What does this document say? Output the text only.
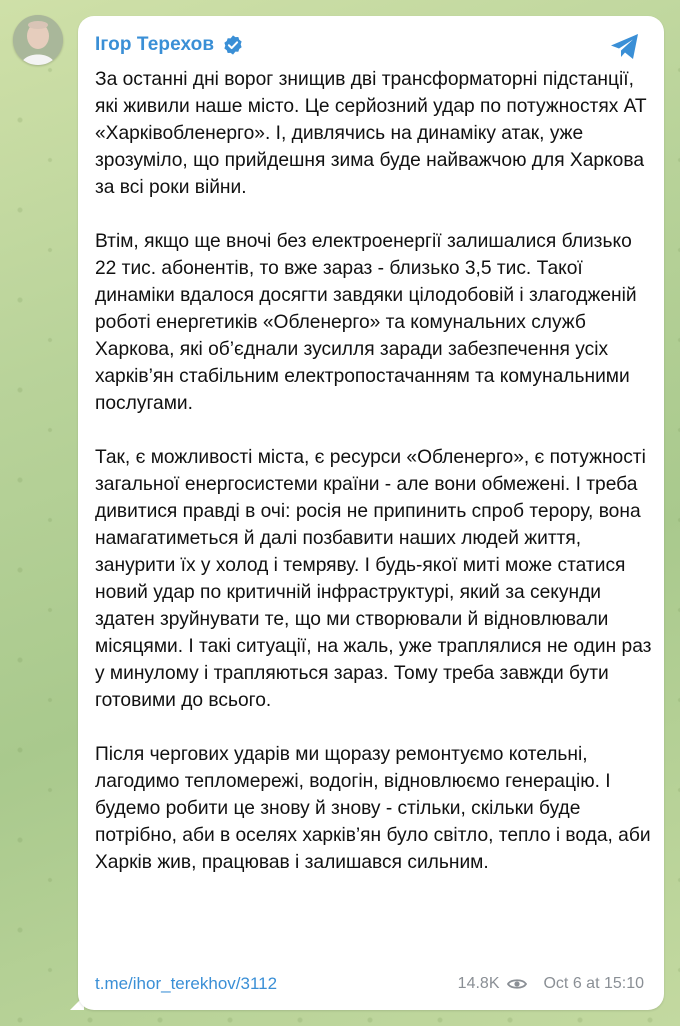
Ігор Терехов

За останні дні ворог знищив дві трансформаторні підстанції, які живили наше місто. Це серйозний удар по потужностях АТ «Харківобленерго». І, дивлячись на динаміку атак, уже зрозуміло, що прийдешня зима буде найважчою для Харкова за всі роки війни.

Втім, якщо ще вночі без електроенергії залишалися близько 22 тис. абонентів, то вже зараз - близько 3,5 тис. Такої динаміки вдалося досягти завдяки цілодобовій і злагодженій роботі енергетиків «Обленерго» та комунальних служб Харкова, які об’єднали зусилля заради забезпечення усіх харків’ян стабільним електропостачанням та комунальними послугами.

Так, є можливості міста, є ресурси «Обленерго», є потужності загальної енергосистеми країни - але вони обмежені. І треба дивитися правді в очі: росія не припинить спроб терору, вона намагатиметься й далі позбавити наших людей життя, занурити їх у холод і темряву. І будь-якої миті може статися новий удар по критичній інфраструктурі, який за секунди здатен зруйнувати те, що ми створювали й відновлювали місяцями. І такі ситуації, на жаль, уже траплялися не один раз у минулому і трапляються зараз. Тому треба завжди бути готовими до всього.

Після чергових ударів ми щоразу ремонтуємо котельні, лагодимо тепломережі, водогін, відновлюємо генерацію. І будемо робити це знову й знову - стільки, скільки буде потрібно, аби в оселях харків’ян було світло, тепло і вода, аби Харків жив, працював і залишався сильним.

t.me/ihor_terekhov/3112	14.8K	Oct 6 at 15:10
